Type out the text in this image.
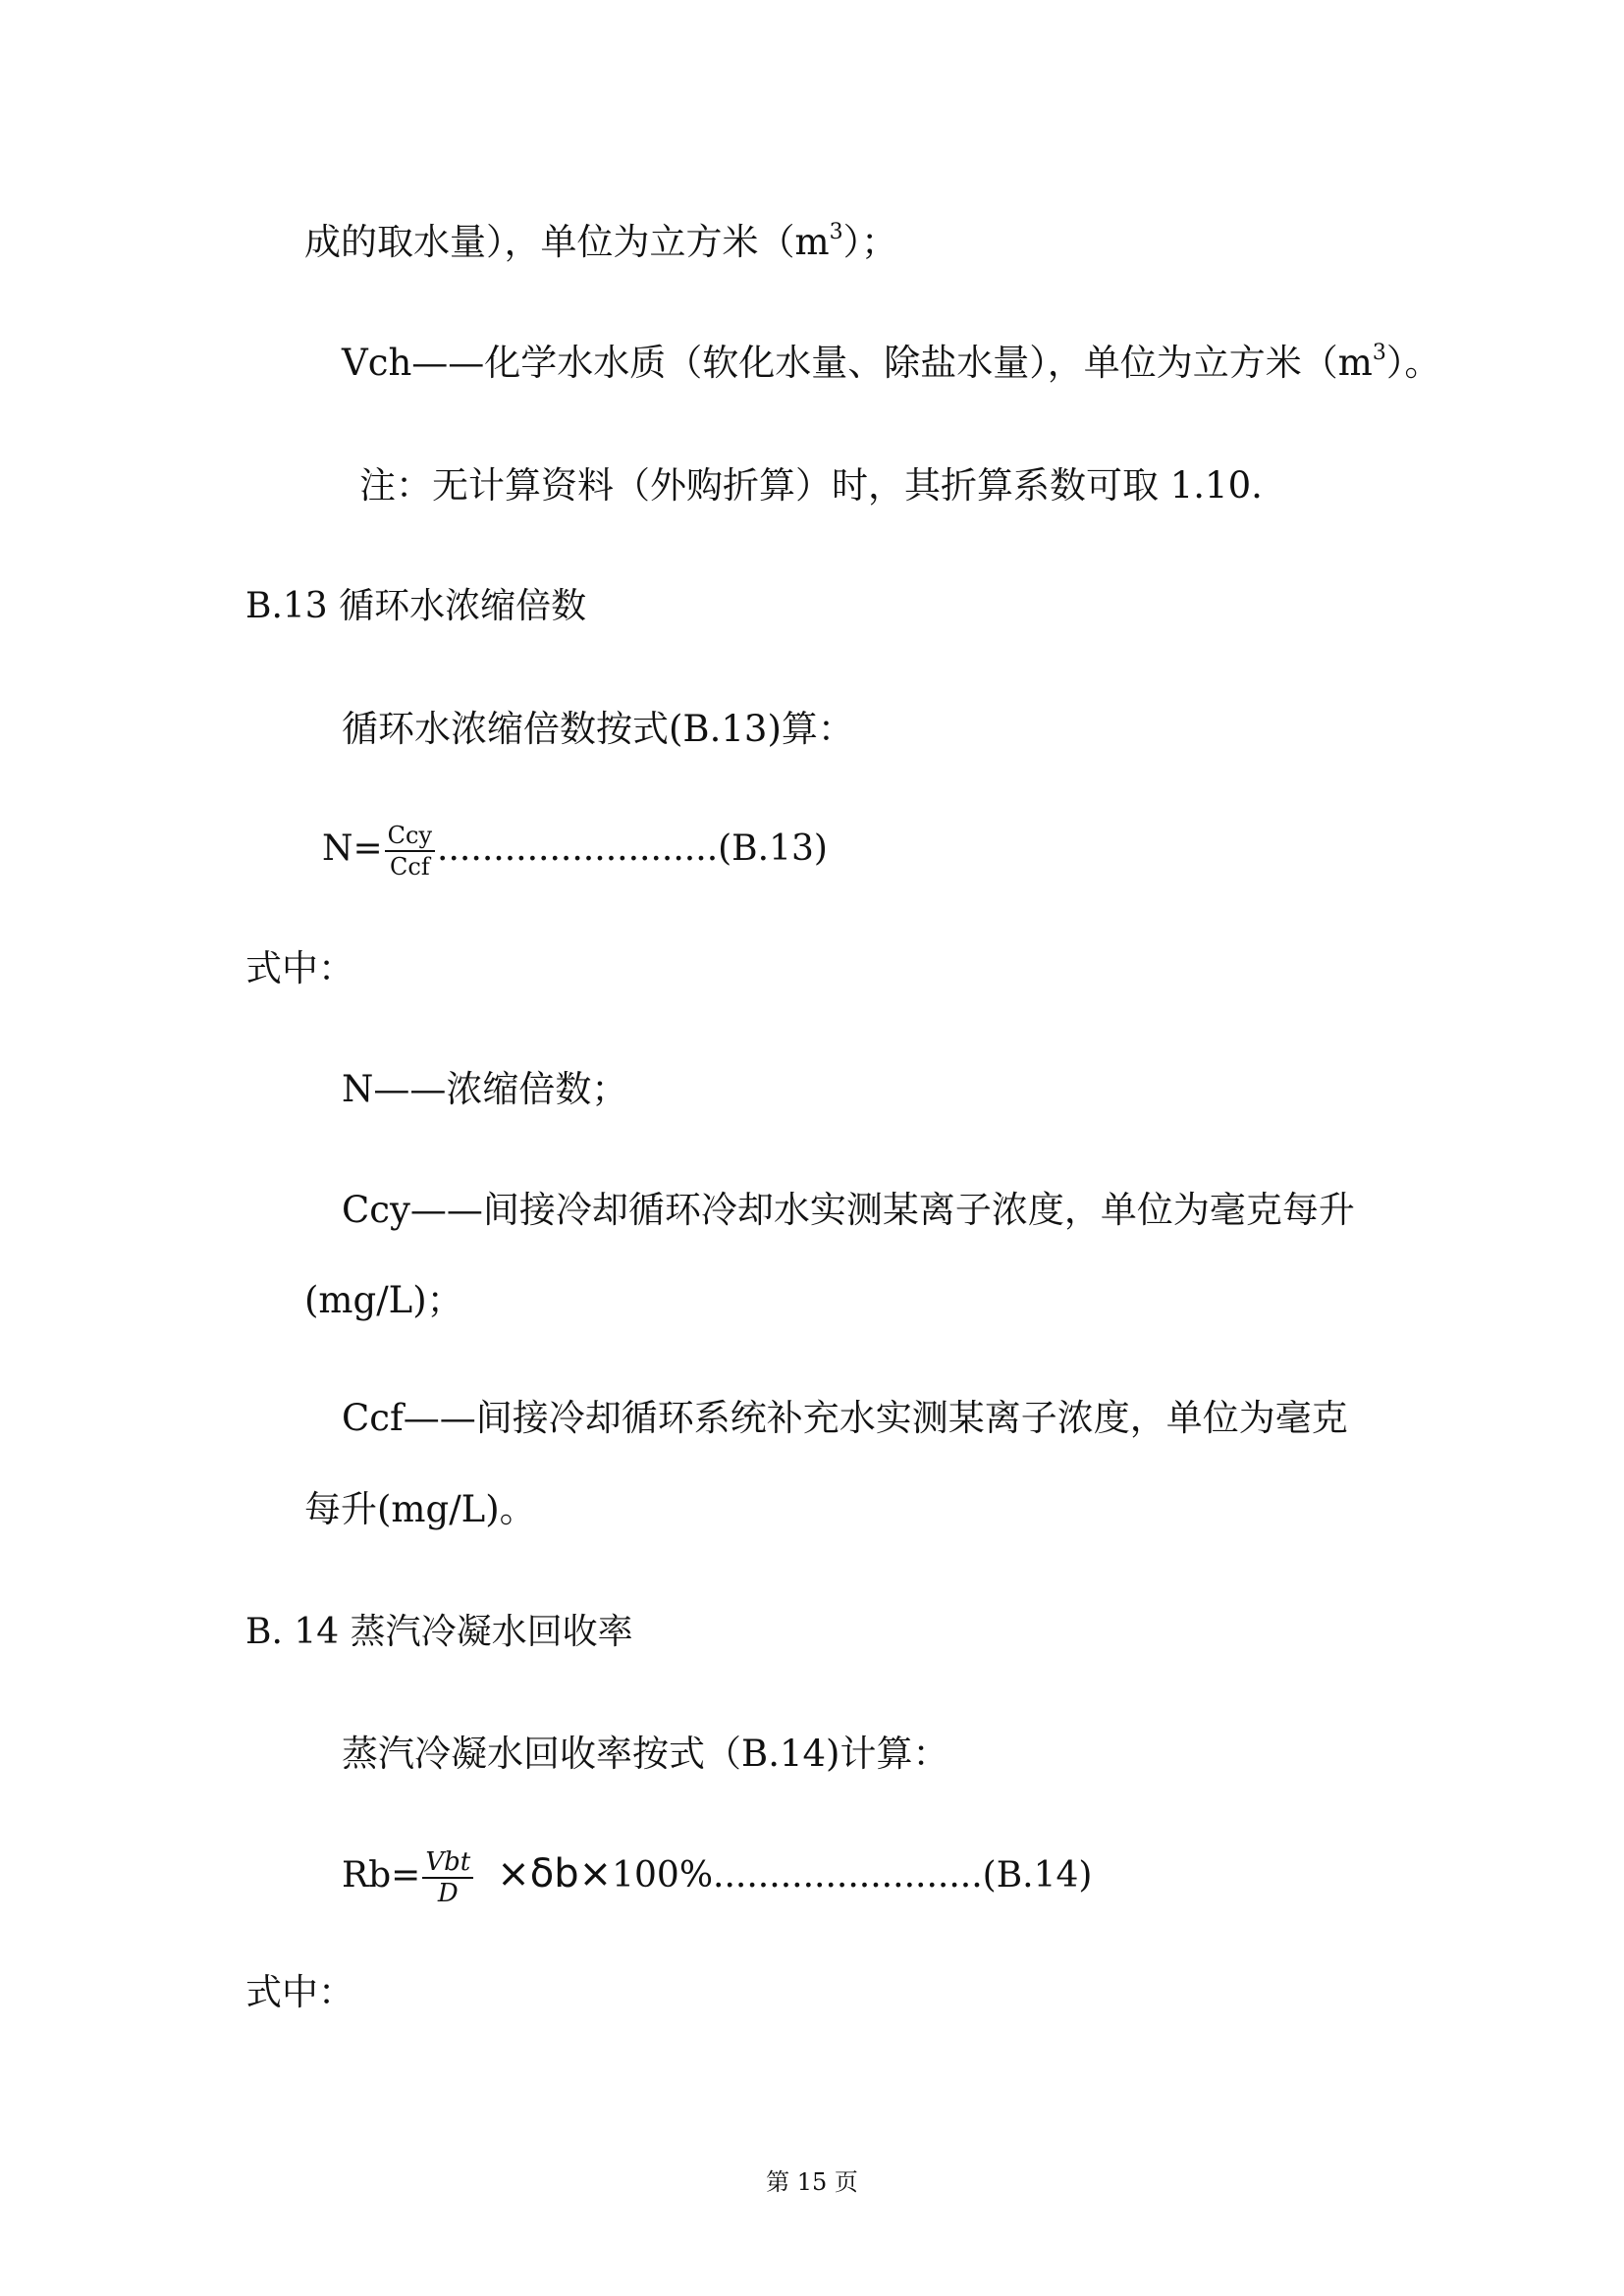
成的取水量），单位为立方米$(m^3)$；
Vch——化学水水质（软化水量、除盐水量），单位为立方米$(m^3)$。
注：无计算资料（外购折算）时，其折算系数可取 1.10.
B.13 循环水浓缩倍数
循环水浓缩倍数按式(B.13)算：
$N= \frac{\text{Ccy}}{\text{Ccf}} .........................(B.13)$
式中：
N——浓缩倍数；
Ccy——间接冷却循环冷却水实测某离子浓度，单位为毫克每升
(mg/L)；
Ccf——间接冷却循环系统补充水实测某离子浓度，单位为毫克
每升(mg/L)。
B. 14 蒸汽冷凝水回收率
蒸汽冷凝水回收率按式（B.14)计算：
$Rb= \frac{\text{Vbt}}{D} \times\delta b\times 100\%........................(B.14)$
式中：
第 15 页
